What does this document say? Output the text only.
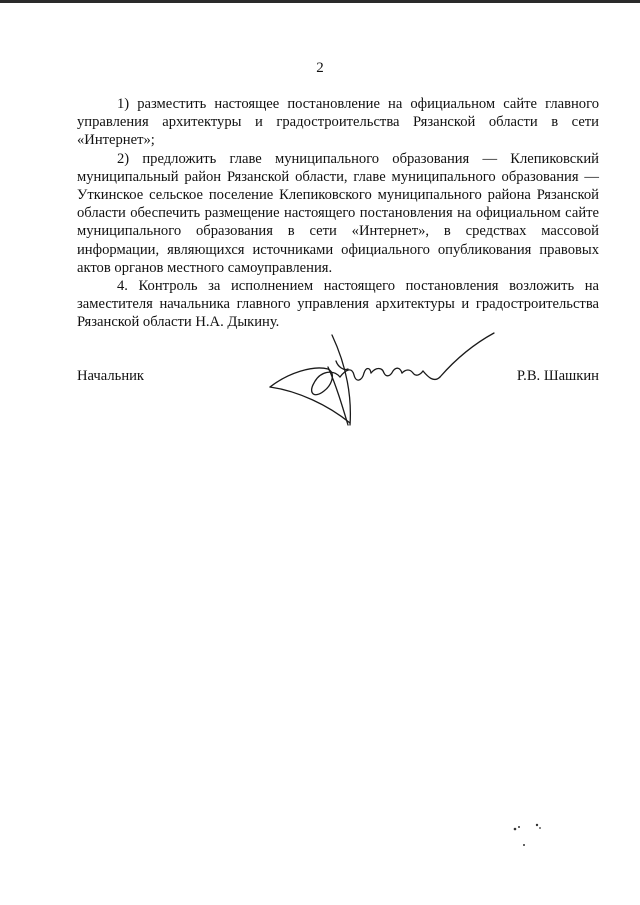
2

1) разместить настоящее постановление на официальном сайте главного управления архитектуры и градостроительства Рязанской области в сети «Интернет»;

2) предложить главе муниципального образования — Клепиковский муниципальный район Рязанской области, главе муниципального образования — Уткинское сельское поселение Клепиковского муниципального района Рязанской области обеспечить размещение настоящего постановления на официальном сайте муниципального образования в сети «Интернет», в средствах массовой информации, являющихся источниками официального опубликования правовых актов органов местного самоуправления.

4. Контроль за исполнением настоящего постановления возложить на заместителя начальника главного управления архитектуры и градостроительства Рязанской области Н.А. Дыкину.

Начальник	Р.В. Шашкин
